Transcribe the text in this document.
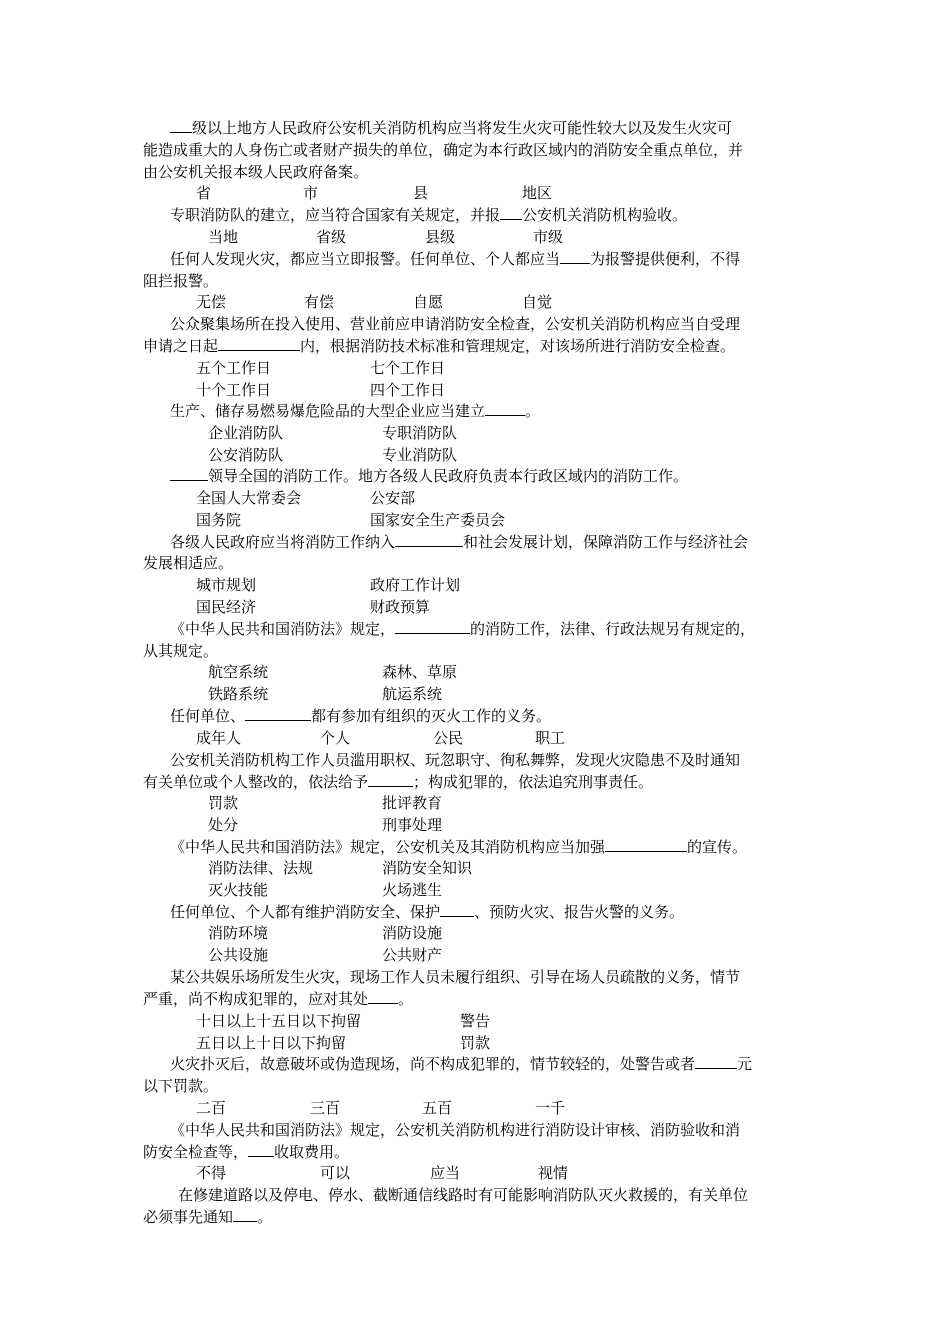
级以上地方人民政府公安机关消防机构应当将发生火灾可能性较大以及发生火灾可

能造成重大的人身伤亡或者财产损失的单位，确定为本行政区域内的消防安全重点单位，并

由公安机关报本级人民政府备案。

省	市	县	地区

专职消防队的建立，应当符合国家有关规定，并报 公安机关消防机构验收。

当地	省级	县级	市级

任何人发现火灾，都应当立即报警。任何单位、个人都应当 为报警提供便利，不得

阻拦报警。

无偿	有偿	自愿	自觉

公众聚集场所在投入使用、营业前应申请消防安全检查，公安机关消防机构应当自受理

申请之日起	内，根据消防技术标准和管理规定，对该场所进行消防安全检查。

五个工作日	七个工作日
十个工作日	四个工作日

生产、储存易燃易爆危险品的大型企业应当建立	。

企业消防队	专职消防队
公安消防队	专业消防队

领导全国的消防工作。地方各级人民政府负责本行政区域内的消防工作。

全国人大常委会	公安部
国务院	国家安全生产委员会

各级人民政府应当将消防工作纳入	和社会发展计划，保障消防工作与经济社会

发展相适应。

城市规划	政府工作计划
国民经济	财政预算

《中华人民共和国消防法》规定，	的消防工作，法律、行政法规另有规定的，

从其规定。

航空系统	森林、草原
铁路系统	航运系统

任何单位、	都有参加有组织的灭火工作的义务。

成年人	个人	公民	职工

公安机关消防机构工作人员滥用职权、玩忽职守、徇私舞弊，发现火灾隐患不及时通知

有关单位或个人整改的，依法给予	；构成犯罪的，依法追究刑事责任。

罚款	批评教育
处分	刑事处理

《中华人民共和国消防法》规定，公安机关及其消防机构应当加强	的宣传。

消防法律、法规	消防安全知识
灭火技能	火场逃生

任何单位、个人都有维护消防安全、保护 、预防火灾、报告火警的义务。

消防环境	消防设施
公共设施	公共财产

某公共娱乐场所发生火灾，现场工作人员未履行组织、引导在场人员疏散的义务，情节

严重，尚不构成犯罪的，应对其处 。

十日以上十五日以下拘留	警告
五日以上十日以下拘留	罚款

火灾扑灭后，故意破坏或伪造现场，尚不构成犯罪的，情节较轻的，处警告或者	元

以下罚款。

二百	三百	五百	一千

《中华人民共和国消防法》规定，公安机关消防机构进行消防设计审核、消防验收和消

防安全检查等， 收取费用。

不得	可以	应当	视情

在修建道路以及停电、停水、截断通信线路时有可能影响消防队灭火救援的，有关单位

必须事先通知 。
